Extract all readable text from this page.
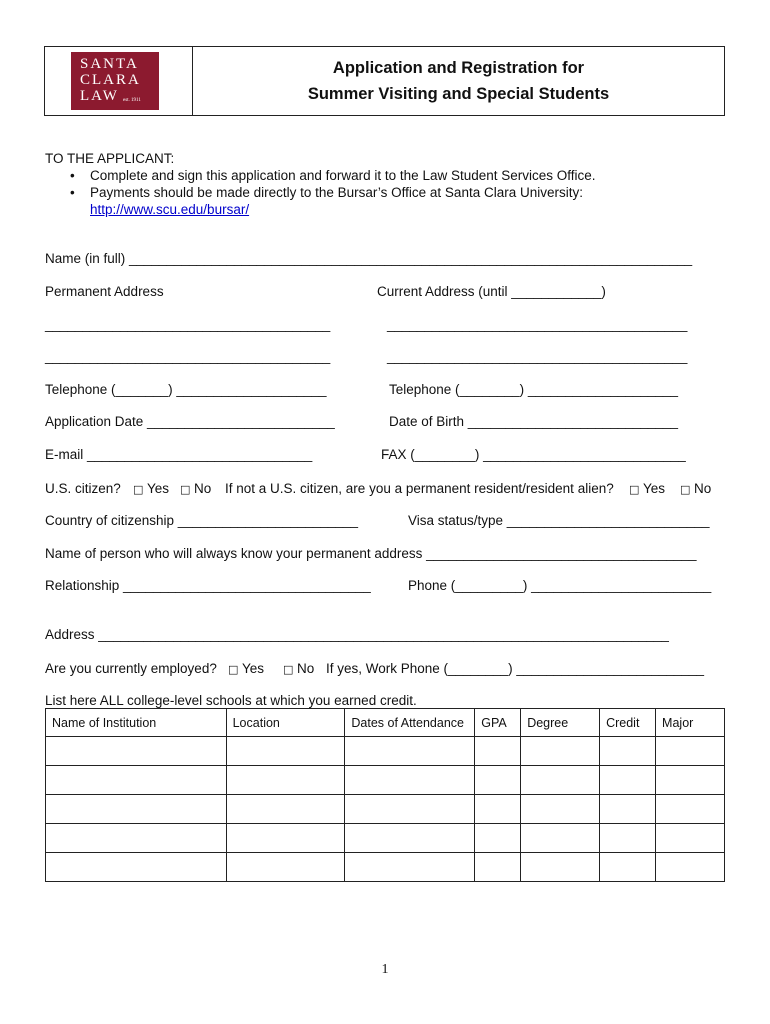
SANTA
CLARA
LAW est. 1911
Application and Registration for
Summer Visiting and Special Students
TO THE APPLICANT:
• Complete and sign this application and forward it to the Law Student Services Office.
• Payments should be made directly to the Bursar’s Office at Santa Clara University:
http://www.scu.edu/bursar/
Name (in full) ___________________________________________________________________________
Permanent Address	Current Address (until ____________)
______________________________________	________________________________________
______________________________________	________________________________________
Telephone (_______) ____________________	Telephone (________) ____________________
Application Date _________________________	Date of Birth ____________________________
E-mail ______________________________	FAX (________) ___________________________
U.S. citizen? □ Yes □ No If not a U.S. citizen, are you a permanent resident/resident alien? □ Yes □ No
Country of citizenship ________________________	Visa status/type ___________________________
Name of person who will always know your permanent address ____________________________________
Relationship _________________________________	Phone (_________) ________________________
Address ____________________________________________________________________________
Are you currently employed? □ Yes □ No If yes, Work Phone (________) _________________________
List here ALL college-level schools at which you earned credit.
Name of Institution	Location	Dates of Attendance	GPA	Degree	Credit	Major

1
